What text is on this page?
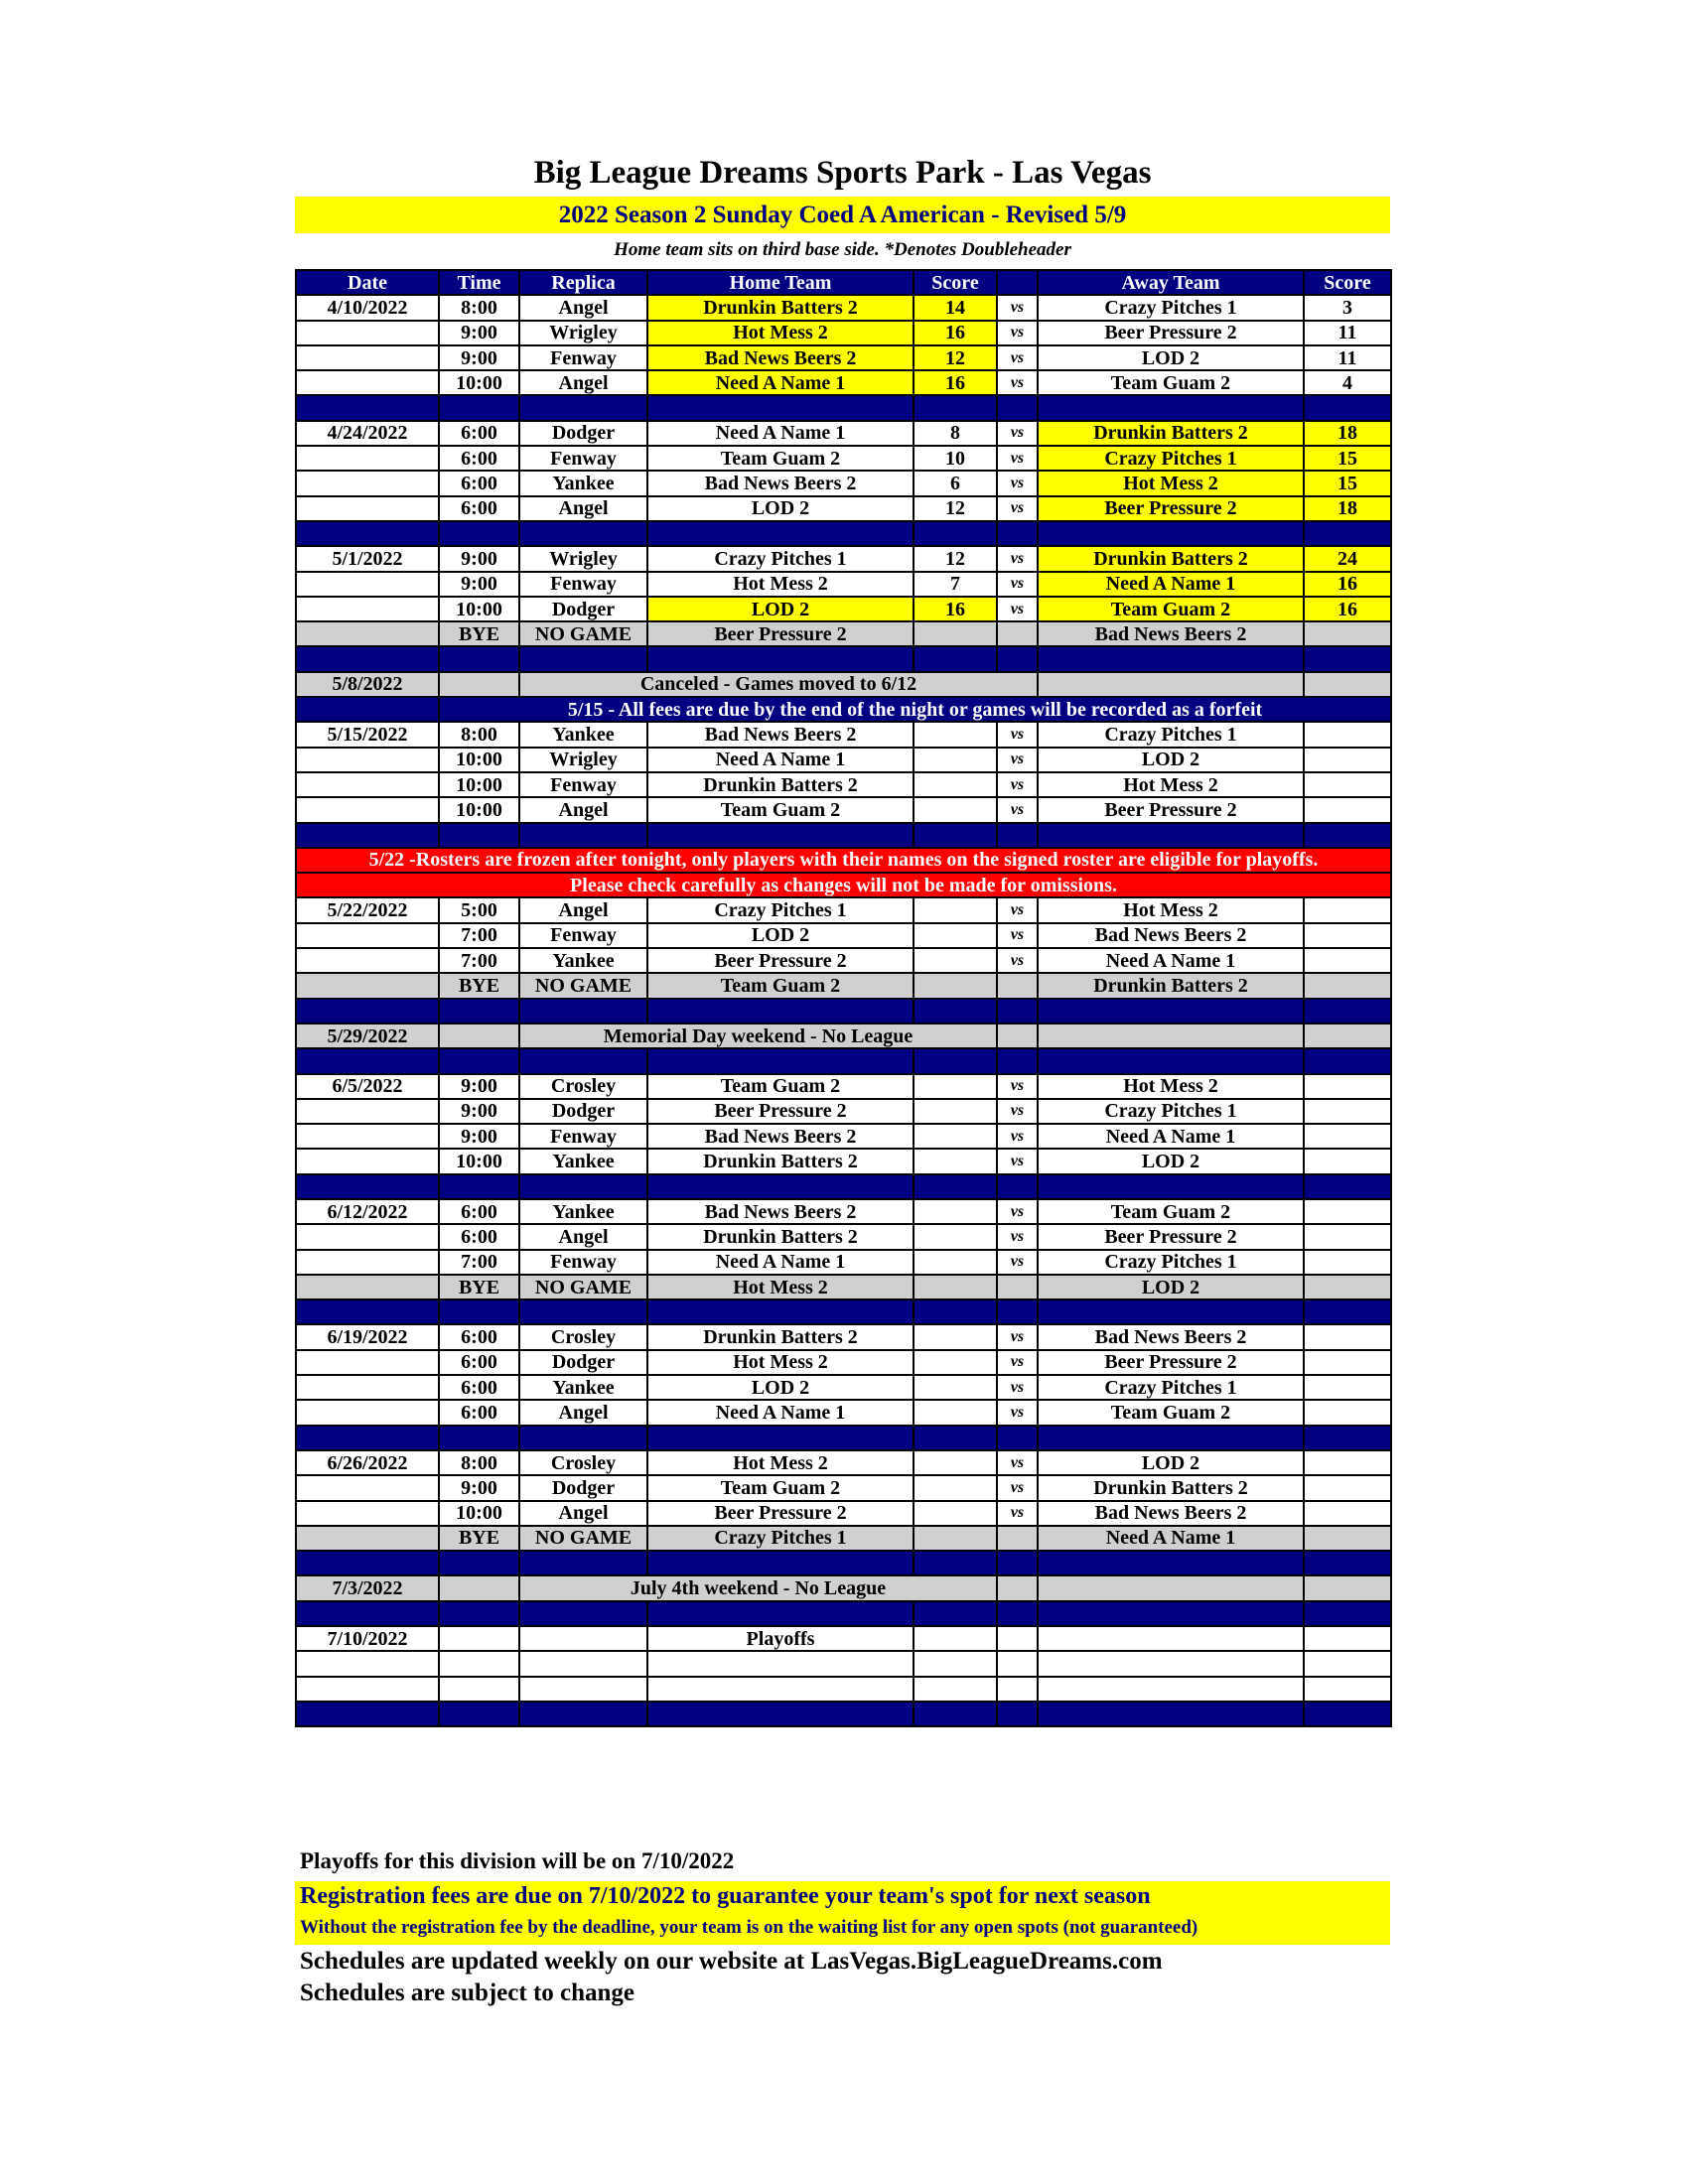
Big League Dreams Sports Park - Las Vegas
2022 Season 2 Sunday Coed A American - Revised 5/9
Home team sits on third base side. *Denotes Doubleheader
Date	Time	Replica	Home Team	Score		Away Team	Score
4/10/2022	8:00	Angel	Drunkin Batters 2	14	vs	Crazy Pitches 1	3
	9:00	Wrigley	Hot Mess 2	16	vs	Beer Pressure 2	11
	9:00	Fenway	Bad News Beers 2	12	vs	LOD 2	11
	10:00	Angel	Need A Name 1	16	vs	Team Guam 2	4

4/24/2022	6:00	Dodger	Need A Name 1	8	vs	Drunkin Batters 2	18
	6:00	Fenway	Team Guam 2	10	vs	Crazy Pitches 1	15
	6:00	Yankee	Bad News Beers 2	6	vs	Hot Mess 2	15
	6:00	Angel	LOD 2	12	vs	Beer Pressure 2	18

5/1/2022	9:00	Wrigley	Crazy Pitches 1	12	vs	Drunkin Batters 2	24
	9:00	Fenway	Hot Mess 2	7	vs	Need A Name 1	16
	10:00	Dodger	LOD 2	16	vs	Team Guam 2	16
	BYE	NO GAME	Beer Pressure 2			Bad News Beers 2	

5/8/2022		Canceled - Games moved to 6/12					
	5/15 - All fees are due by the end of the night or games will be recorded as a forfeit						
5/15/2022	8:00	Yankee	Bad News Beers 2		vs	Crazy Pitches 1	
	10:00	Wrigley	Need A Name 1		vs	LOD 2	
	10:00	Fenway	Drunkin Batters 2		vs	Hot Mess 2	
	10:00	Angel	Team Guam 2		vs	Beer Pressure 2	

5/22 -Rosters are frozen after tonight, only players with their names on the signed roster are eligible for playoffs.							
Please check carefully as changes will not be made for omissions.							
5/22/2022	5:00	Angel	Crazy Pitches 1		vs	Hot Mess 2	
	7:00	Fenway	LOD 2		vs	Bad News Beers 2	
	7:00	Yankee	Beer Pressure 2		vs	Need A Name 1	
	BYE	NO GAME	Team Guam 2			Drunkin Batters 2	

5/29/2022		Memorial Day weekend - No League					

6/5/2022	9:00	Crosley	Team Guam 2		vs	Hot Mess 2	
	9:00	Dodger	Beer Pressure 2		vs	Crazy Pitches 1	
	9:00	Fenway	Bad News Beers 2		vs	Need A Name 1	
	10:00	Yankee	Drunkin Batters 2		vs	LOD 2	

6/12/2022	6:00	Yankee	Bad News Beers 2		vs	Team Guam 2	
	6:00	Angel	Drunkin Batters 2		vs	Beer Pressure 2	
	7:00	Fenway	Need A Name 1		vs	Crazy Pitches 1	
	BYE	NO GAME	Hot Mess 2			LOD 2	

6/19/2022	6:00	Crosley	Drunkin Batters 2		vs	Bad News Beers 2	
	6:00	Dodger	Hot Mess 2		vs	Beer Pressure 2	
	6:00	Yankee	LOD 2		vs	Crazy Pitches 1	
	6:00	Angel	Need A Name 1		vs	Team Guam 2	

6/26/2022	8:00	Crosley	Hot Mess 2		vs	LOD 2	
	9:00	Dodger	Team Guam 2		vs	Drunkin Batters 2	
	10:00	Angel	Beer Pressure 2		vs	Bad News Beers 2	
	BYE	NO GAME	Crazy Pitches 1			Need A Name 1	

7/3/2022		July 4th weekend - No League					

7/10/2022			Playoffs				

Playoffs for this division will be on 7/10/2022
Registration fees are due on 7/10/2022 to guarantee your team's spot for next season
Without the registration fee by the deadline, your team is on the waiting list for any open spots (not guaranteed)
Schedules are updated weekly on our website at LasVegas.BigLeagueDreams.com
Schedules are subject to change
